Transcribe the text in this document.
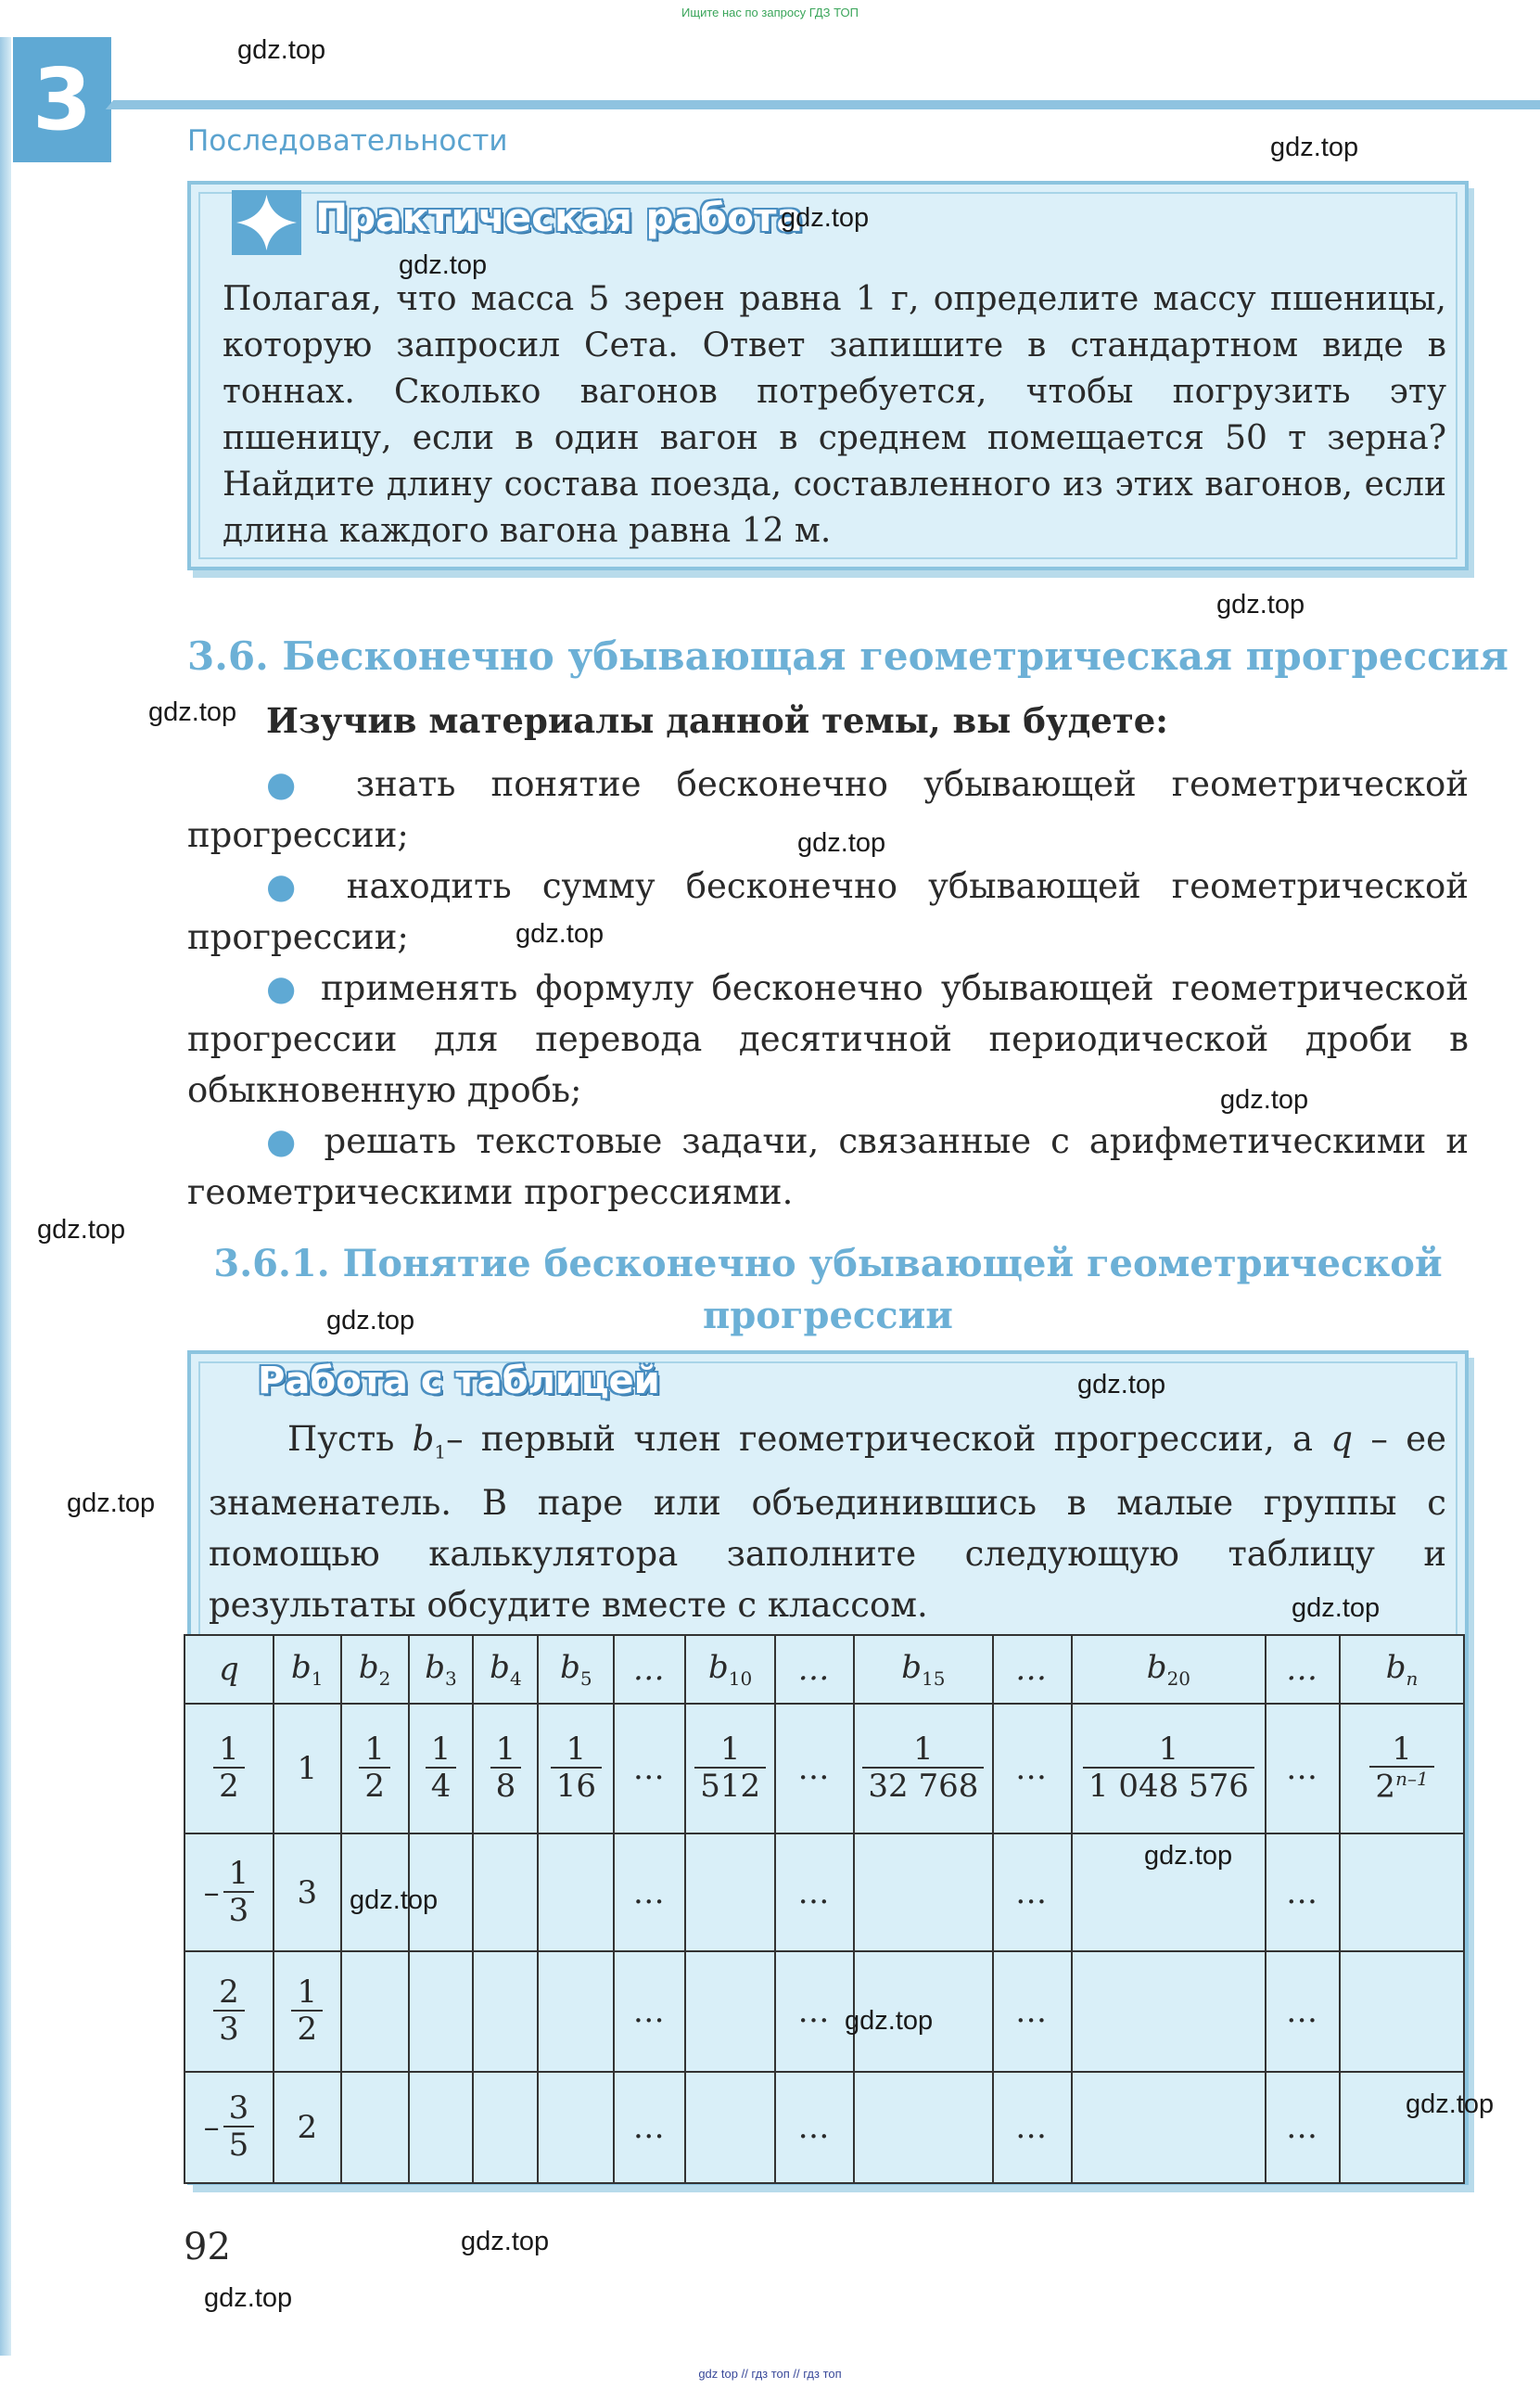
Ищите нас по запросу ГДЗ ТОП
3	Последовательности
Практическая работа
Полагая, что масса 5 зерен равна 1 г, определите массу пшеницы, которую запросил Сета. Ответ запишите в стандартном виде в тоннах. Сколько вагонов потребуется, чтобы погрузить эту пшеницу, если в один вагон в среднем помещается 50 т зерна? Найдите длину состава поезда, составленного из этих вагонов, если длина каждого вагона равна 12 м.
3.6. Бесконечно убывающая геометрическая прогрессия
Изучив материалы данной темы, вы будете:

● знать понятие бесконечно убывающей геометрической прогрессии;

● находить сумму бесконечно убывающей геометрической прогрессии;

● применять формулу бесконечно убывающей геометрической прогрессии для перевода десятичной периодической дроби в обыкновенную дробь;

● решать текстовые задачи, связанные с арифметическими и геометрическими прогрессиями.

3.6.1. Понятие бесконечно убывающей геометрической
прогрессии
Работа с таблицей
Пусть $b_1-$ первый член геометрической прогрессии, а q – ее знаменатель. В паре или объединившись в малые группы с помощью калькулятора заполните следующую таблицу и результаты обсудите вместе с классом.
q	$b_1$	$b_2$	$b_3$	$b_4$	$b_5$	…	$b_{10}$	…	$b_{15}$	…	$b_{20}$	…	$b_n$

$\frac{1}{2}$	1	$\frac{1}{2}$	$\frac{1}{4}$	$\frac{1}{8}$	$\frac{1}{16}$	…	$\frac{1}{512}$	…	$\frac{1}{32 768}$	…	$\frac{1}{1 048 576}$	…	$\frac{1}{2^{n-1}}$

– $\frac{1}{3}$	3					…		…		…		…	

$\frac{2}{3}$	$\frac{1}{2}$					…		…		…		…	
– $\frac{3}{5}$	2					…		…		…		…	
92
gdz.top
gdz.top
gdz.top
gdz.top
gdz.top
gdz.top
gdz.top
gdz.top
gdz.top
gdz.top
gdz.top
gdz.top
gdz.top
gdz.top
gdz.top
gdz.top
gdz.top
gdz.top
gdz.top
gdz.top
gdz top // гдз топ // гдз топ
